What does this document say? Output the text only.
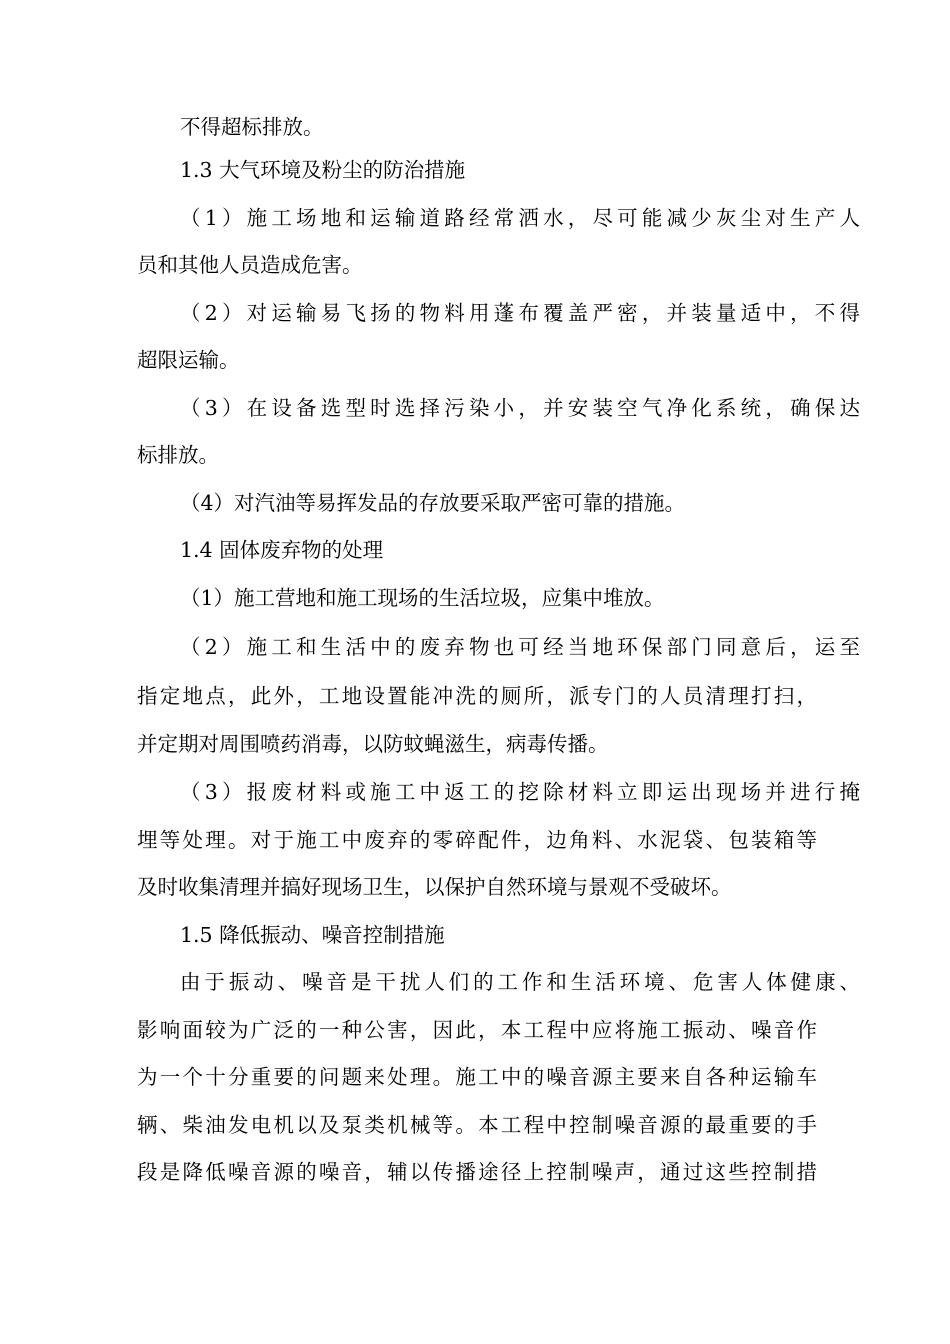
不得超标排放。
1.3 大气环境及粉尘的防治措施
（1）施工场地和运输道路经常洒水，尽可能减少灰尘对生产人
员和其他人员造成危害。
（2）对运输易飞扬的物料用蓬布覆盖严密，并装量适中，不得
超限运输。
（3）在设备选型时选择污染小，并安装空气净化系统，确保达
标排放。
（4）对汽油等易挥发品的存放要采取严密可靠的措施。
1.4 固体废弃物的处理
（1）施工营地和施工现场的生活垃圾，应集中堆放。
（2）施工和生活中的废弃物也可经当地环保部门同意后，运至
指定地点，此外，工地设置能冲洗的厕所，派专门的人员清理打扫，
并定期对周围喷药消毒，以防蚊蝇滋生，病毒传播。
（3）报废材料或施工中返工的挖除材料立即运出现场并进行掩
埋等处理。对于施工中废弃的零碎配件，边角料、水泥袋、包装箱等
及时收集清理并搞好现场卫生，以保护自然环境与景观不受破坏。
1.5 降低振动、噪音控制措施
由于振动、噪音是干扰人们的工作和生活环境、危害人体健康、
影响面较为广泛的一种公害，因此，本工程中应将施工振动、噪音作
为一个十分重要的问题来处理。施工中的噪音源主要来自各种运输车
辆、柴油发电机以及泵类机械等。本工程中控制噪音源的最重要的手
段是降低噪音源的噪音，辅以传播途径上控制噪声，通过这些控制措
